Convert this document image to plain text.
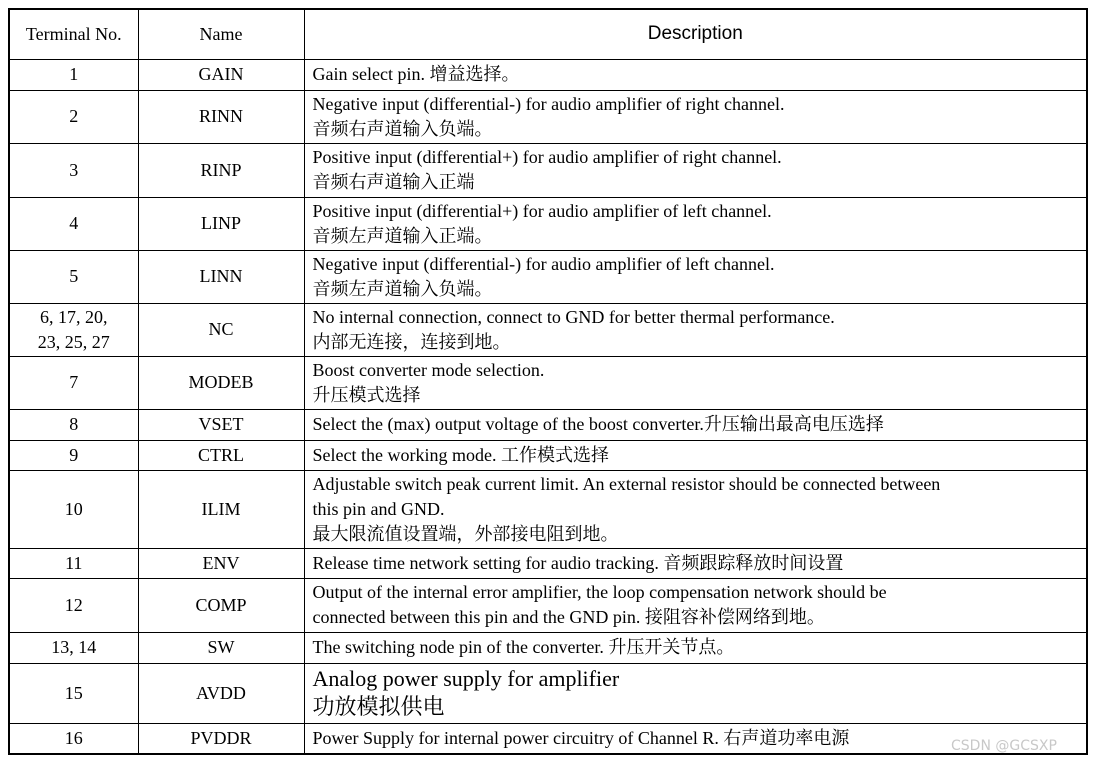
Terminal No.	Name	Description
1	GAIN	Gain select pin. 增益选择。
2	RINN	Negative input (differential-) for audio amplifier of right channel.
音频右声道输入负端。
3	RINP	Positive input (differential+) for audio amplifier of right channel.
音频右声道输入正端
4	LINP	Positive input (differential+) for audio amplifier of left channel.
音频左声道输入正端。
5	LINN	Negative input (differential-) for audio amplifier of left channel.
音频左声道输入负端。
6, 17, 20,
23, 25, 27	NC	No internal connection, connect to GND for better thermal performance.
内部无连接，连接到地。
7	MODEB	Boost converter mode selection.
升压模式选择
8	VSET	Select the (max) output voltage of the boost converter.升压输出最高电压选择
9	CTRL	Select the working mode. 工作模式选择
10	ILIM	Adjustable switch peak current limit. An external resistor should be connected between
this pin and GND.
最大限流值设置端，外部接电阻到地。
11	ENV	Release time network setting for audio tracking. 音频跟踪释放时间设置
12	COMP	Output of the internal error amplifier, the loop compensation network should be
connected between this pin and the GND pin. 接阻容补偿网络到地。
13, 14	SW	The switching node pin of the converter. 升压开关节点。
15	AVDD	Analog power supply for amplifier
功放模拟供电
16	PVDDR	Power Supply for internal power circuitry of Channel R. 右声道功率电源	CSDN @GCSXP
